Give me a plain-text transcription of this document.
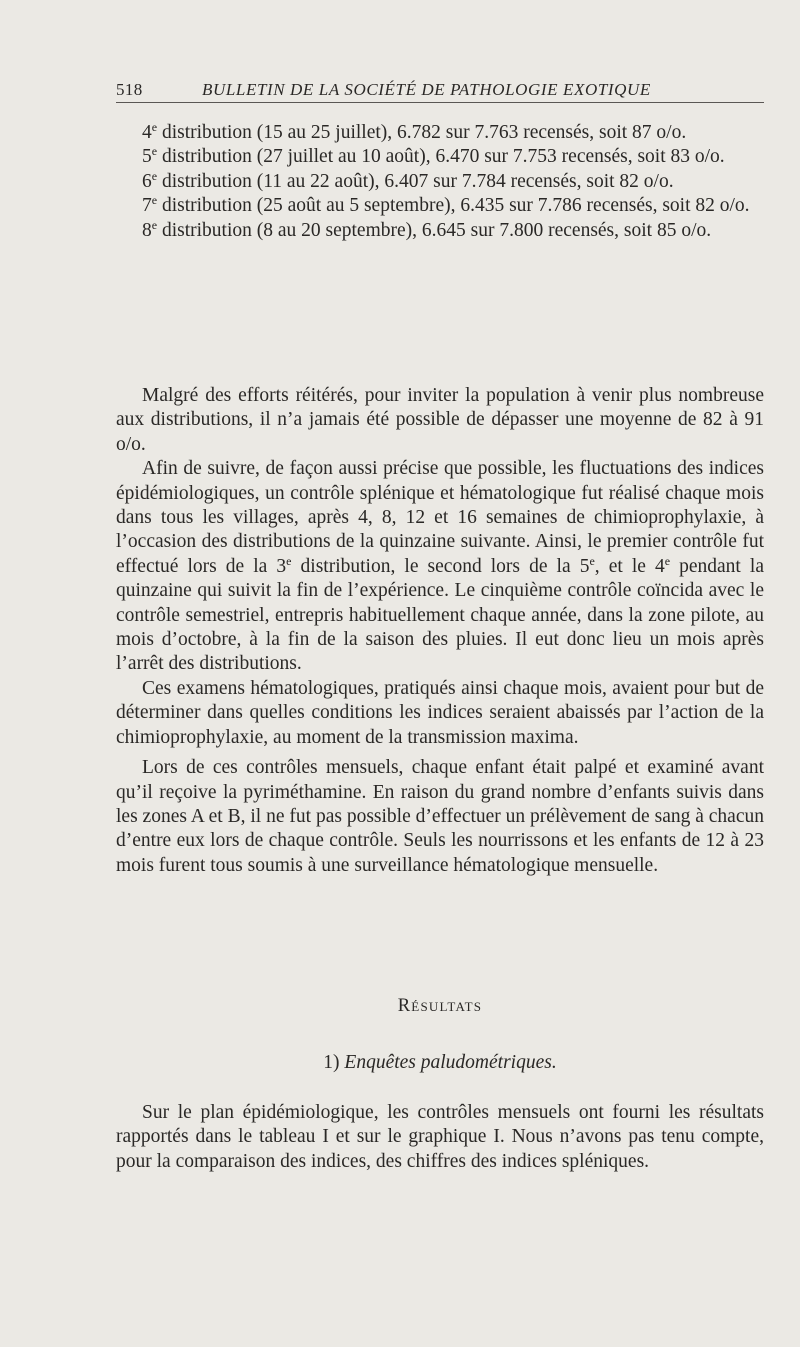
518	BULLETIN DE LA SOCIÉTÉ DE PATHOLOGIE EXOTIQUE

4e distribution (15 au 25 juillet), 6.782 sur 7.763 recensés, soit 87 o/o.

5e distribution (27 juillet au 10 août), 6.470 sur 7.753 recensés, soit 83 o/o.

6e distribution (11 au 22 août), 6.407 sur 7.784 recensés, soit 82 o/o.

7e distribution (25 août au 5 septembre), 6.435 sur 7.786 recensés, soit 82 o/o.

8e distribution (8 au 20 septembre), 6.645 sur 7.800 recensés, soit 85 o/o.

Malgré des efforts réitérés, pour inviter la population à venir plus nombreuse aux distributions, il n’a jamais été possible de dépasser une moyenne de 82 à 91 o/o.

Afin de suivre, de façon aussi précise que possible, les fluctuations des indices épidémiologiques, un contrôle splénique et hématologique fut réalisé chaque mois dans tous les villages, après 4, 8, 12 et 16 semaines de chimioprophylaxie, à l’occasion des distributions de la quinzaine suivante. Ainsi, le premier contrôle fut effectué lors de la 3e distribution, le second lors de la 5e, et le 4e pendant la quinzaine qui suivit la fin de l’expérience. Le cinquième contrôle coïncida avec le contrôle semestriel, entrepris habituellement chaque année, dans la zone pilote, au mois d’octobre, à la fin de la saison des pluies. Il eut donc lieu un mois après l’arrêt des distributions.

Ces examens hématologiques, pratiqués ainsi chaque mois, avaient pour but de déterminer dans quelles conditions les indices seraient abaissés par l’action de la chimioprophylaxie, au moment de la transmission maxima.

Lors de ces contrôles mensuels, chaque enfant était palpé et examiné avant qu’il reçoive la pyriméthamine. En raison du grand nombre d’enfants suivis dans les zones A et B, il ne fut pas possible d’effectuer un prélèvement de sang à chacun d’entre eux lors de chaque contrôle. Seuls les nourrissons et les enfants de 12 à 23 mois furent tous soumis à une surveillance hématologique mensuelle.

Résultats
1) Enquêtes paludométriques.

Sur le plan épidémiologique, les contrôles mensuels ont fourni les résultats rapportés dans le tableau I et sur le graphique I. Nous n’avons pas tenu compte, pour la comparaison des indices, des chiffres des indices spléniques.
